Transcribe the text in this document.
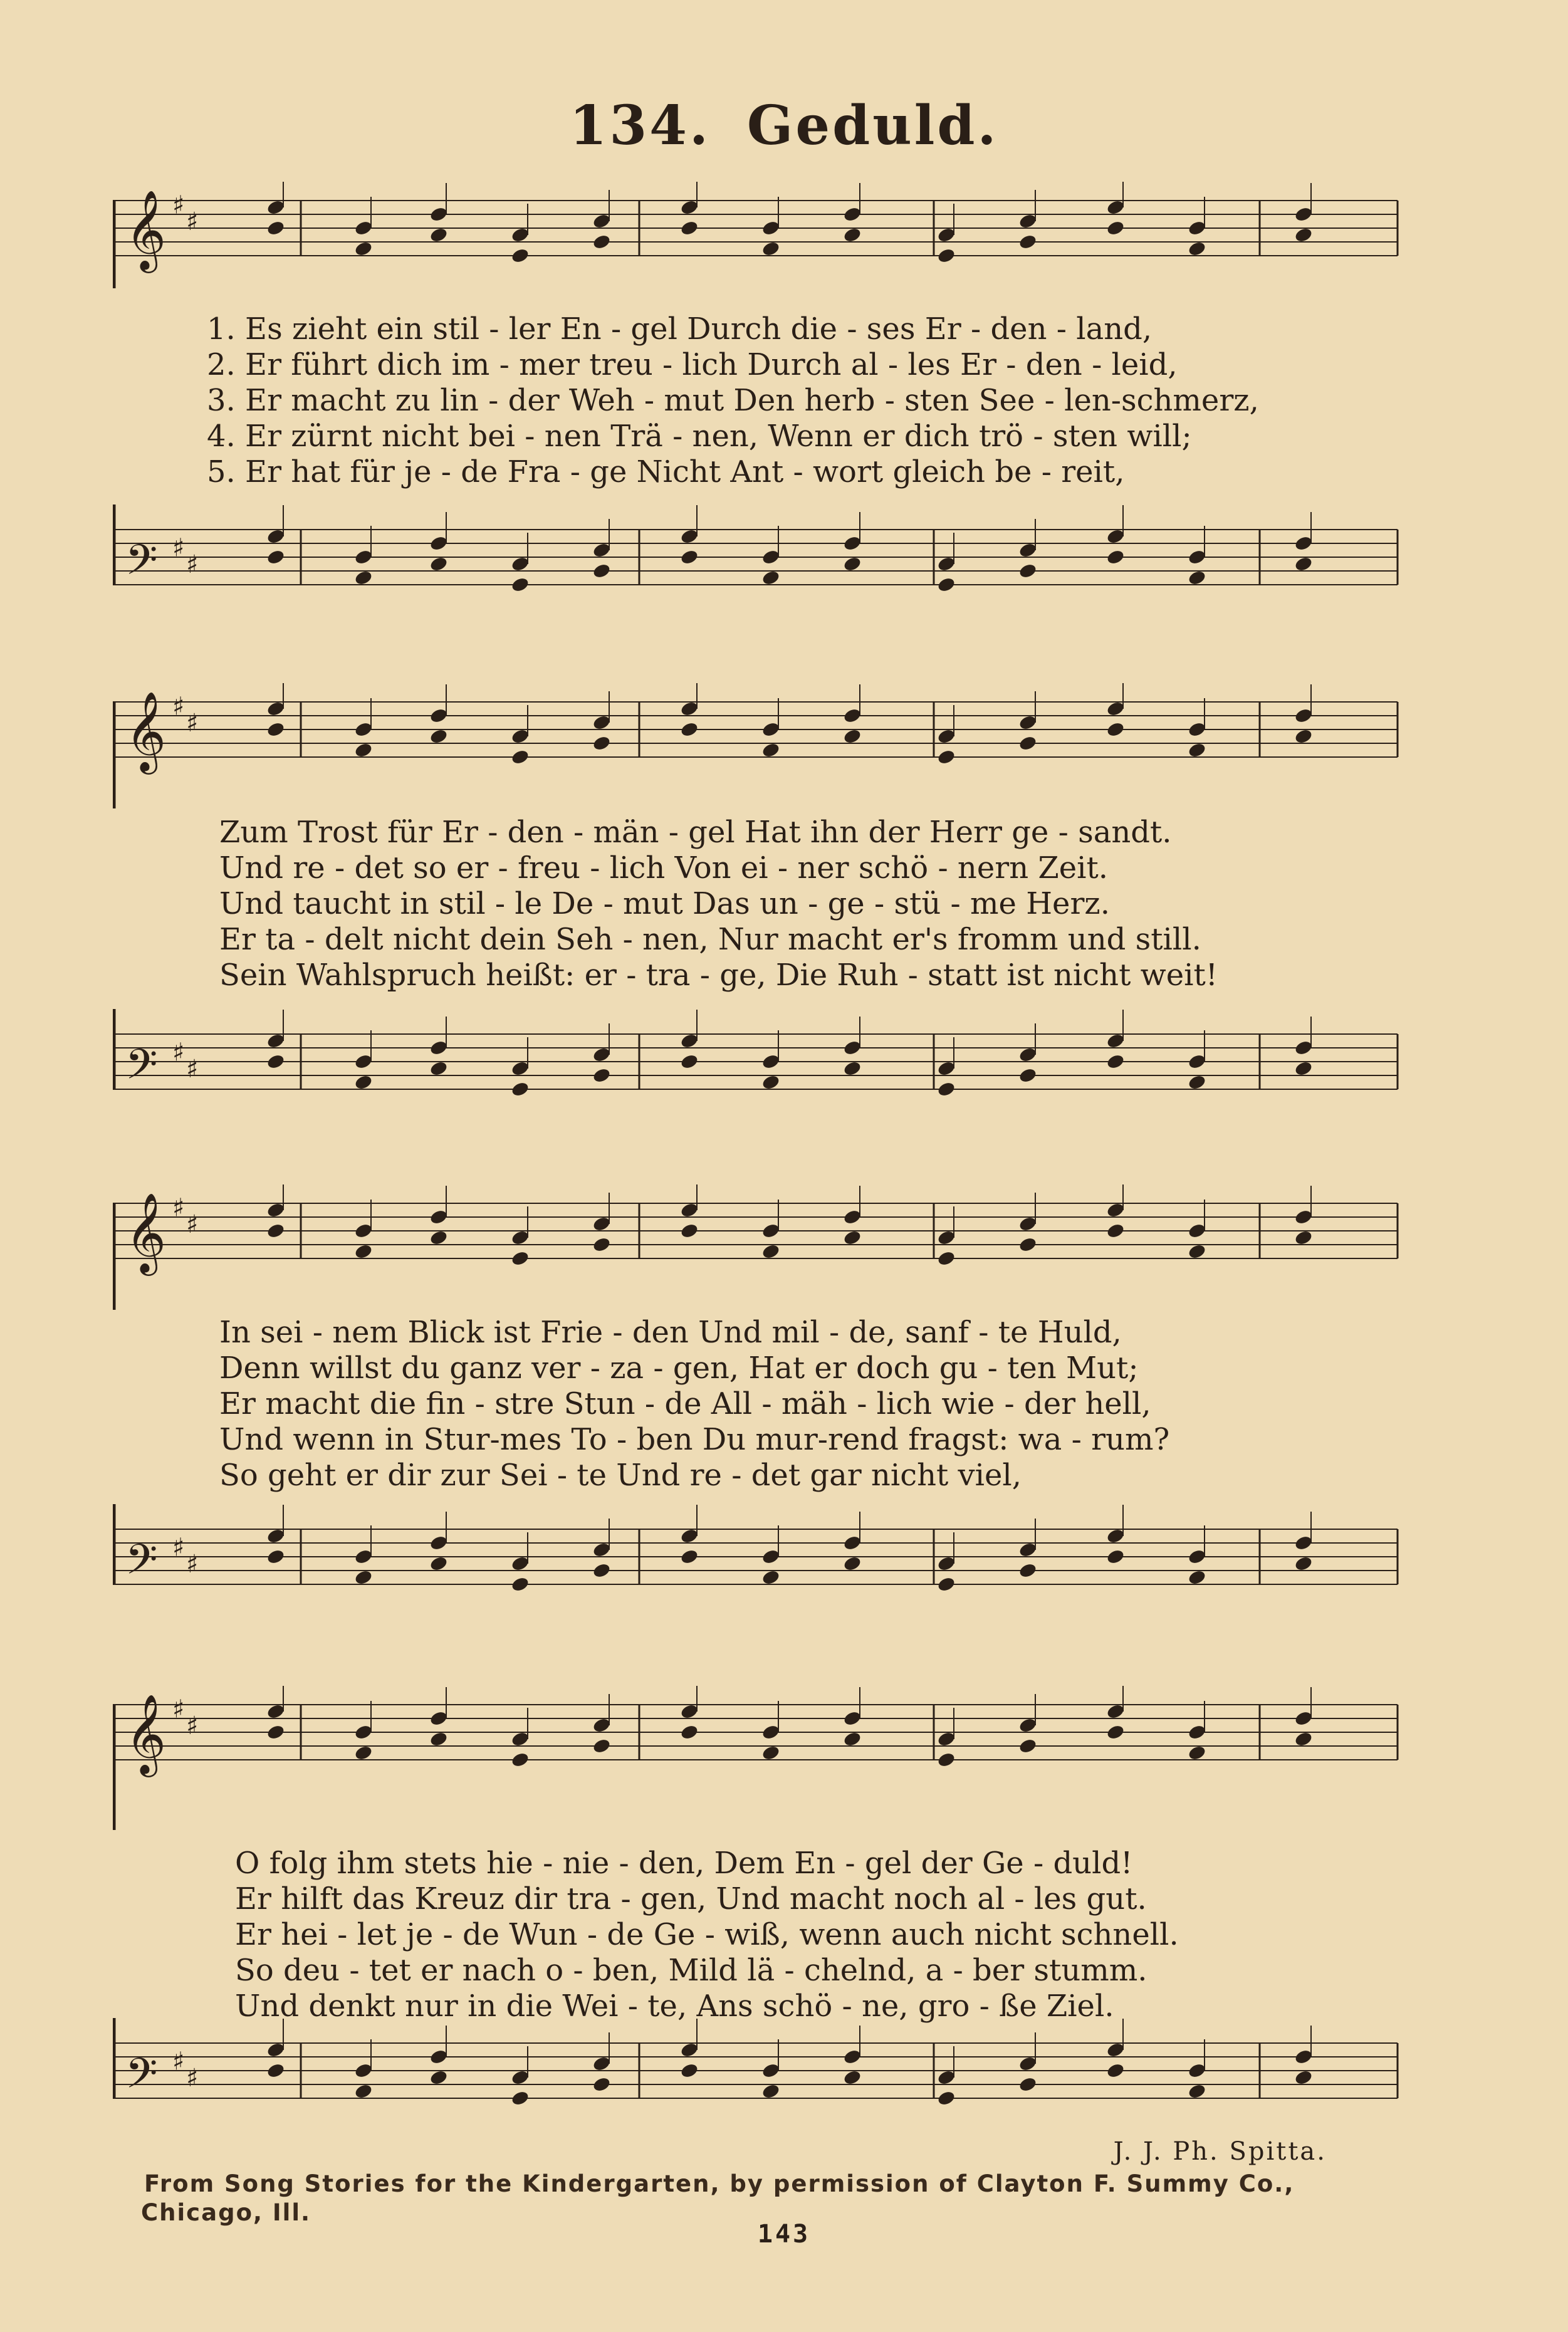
134. Geduld.
𝄞 ♯
♯
1. Es zieht ein stil - ler En - gel Durch die - ses Er - den - land,
2. Er führt dich im - mer treu - lich Durch al - les Er - den - leid,
3. Er macht zu lin - der Weh - mut Den herb - sten See - len-schmerz,
4. Er zürnt nicht bei - nen Trä - nen, Wenn er dich trö - sten will;
5. Er hat für je - de Fra - ge Nicht Ant - wort gleich be - reit,
𝄢 ♯
♯
𝄞 ♯
♯
Zum Trost für Er - den - män - gel Hat ihn der Herr ge - sandt.
Und re - det so er - freu - lich Von ei - ner schö - nern Zeit.
Und taucht in stil - le De - mut Das un - ge - stü - me Herz.
Er ta - delt nicht dein Seh - nen, Nur macht er's fromm und still.
Sein Wahlspruch heißt: er - tra - ge, Die Ruh - statt ist nicht weit!
𝄢 ♯
♯
𝄞 ♯
♯
In sei - nem Blick ist Frie - den Und mil - de, sanf - te Huld,
Denn willst du ganz ver - za - gen, Hat er doch gu - ten Mut;
Er macht die fin - stre Stun - de All - mäh - lich wie - der hell,
Und wenn in Stur-mes To - ben Du mur-rend fragst: wa - rum?
So geht er dir zur Sei - te Und re - det gar nicht viel,
𝄢 ♯
♯
𝄞 ♯
♯
O folg ihm stets hie - nie - den, Dem En - gel der Ge - duld!
Er hilft das Kreuz dir tra - gen, Und macht noch al - les gut.
Er hei - let je - de Wun - de Ge - wiß, wenn auch nicht schnell.
So deu - tet er nach o - ben, Mild lä - chelnd, a - ber stumm.
Und denkt nur in die Wei - te, Ans schö - ne, gro - ße Ziel.
𝄢 ♯
♯
J. J. Ph. Spitta.
From Song Stories for the Kindergarten, by permission of Clayton F. Summy Co.,
Chicago, Ill.
143
